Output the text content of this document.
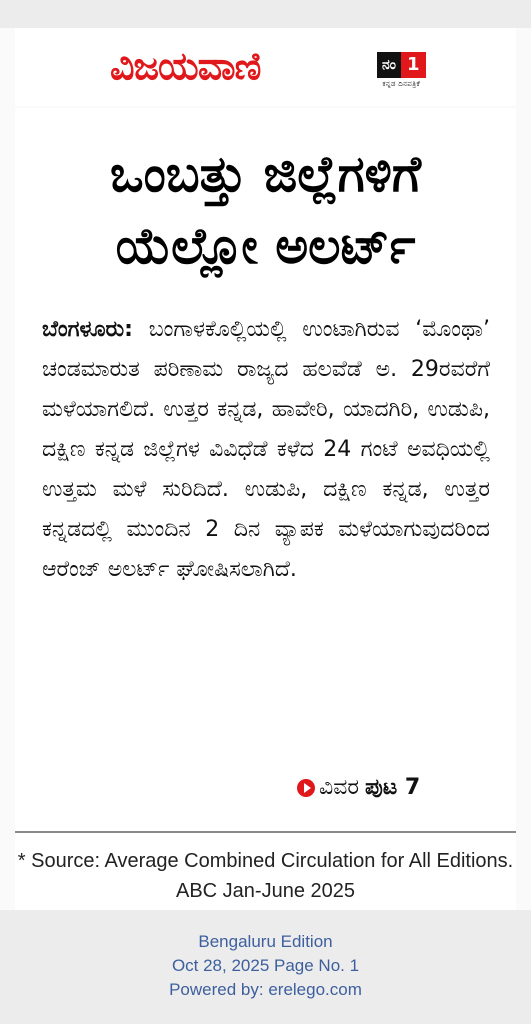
ವಿಜಯವಾಣಿ	ನಂ 1
ಕನ್ನಡ ದಿನಪತ್ರಿಕೆ
ಒಂಬತ್ತು ಜಿಲ್ಲೆಗಳಿಗೆ
ಯೆಲ್ಲೋ ಅಲರ್ಟ್
ಬೆಂಗಳೂರು: ಬಂಗಾಳಕೊಲ್ಲಿಯಲ್ಲಿ ಉಂಟಾಗಿರುವ ‘ಮೊಂಥಾ’ ಚಂಡಮಾರುತ ಪರಿಣಾಮ ರಾಜ್ಯದ ಹಲವೆಡೆ ಅ. 29ರವರೆಗೆ ಮಳೆಯಾಗಲಿದೆ. ಉತ್ತರ ಕನ್ನಡ, ಹಾವೇರಿ, ಯಾದಗಿರಿ, ಉಡುಪಿ, ದಕ್ಷಿಣ ಕನ್ನಡ ಜಿಲ್ಲೆಗಳ ವಿವಿಧೆಡೆ ಕಳೆದ 24 ಗಂಟೆ ಅವಧಿಯಲ್ಲಿ ಉತ್ತಮ ಮಳೆ ಸುರಿದಿದೆ. ಉಡುಪಿ, ದಕ್ಷಿಣ ಕನ್ನಡ, ಉತ್ತರ ಕನ್ನಡದಲ್ಲಿ ಮುಂದಿನ 2 ದಿನ ವ್ಯಾಪಕ ಮಳೆಯಾಗುವುದರಿಂದ ಆರೆಂಜ್ ಅಲರ್ಟ್ ಘೋಷಿಸಲಾಗಿದೆ.
ವಿವರ ಪುಟ 7
* Source: Average Combined Circulation for All Editions. ABC Jan-June 2025
Bengaluru Edition
Oct 28, 2025 Page No. 1
Powered by: erelego.com
